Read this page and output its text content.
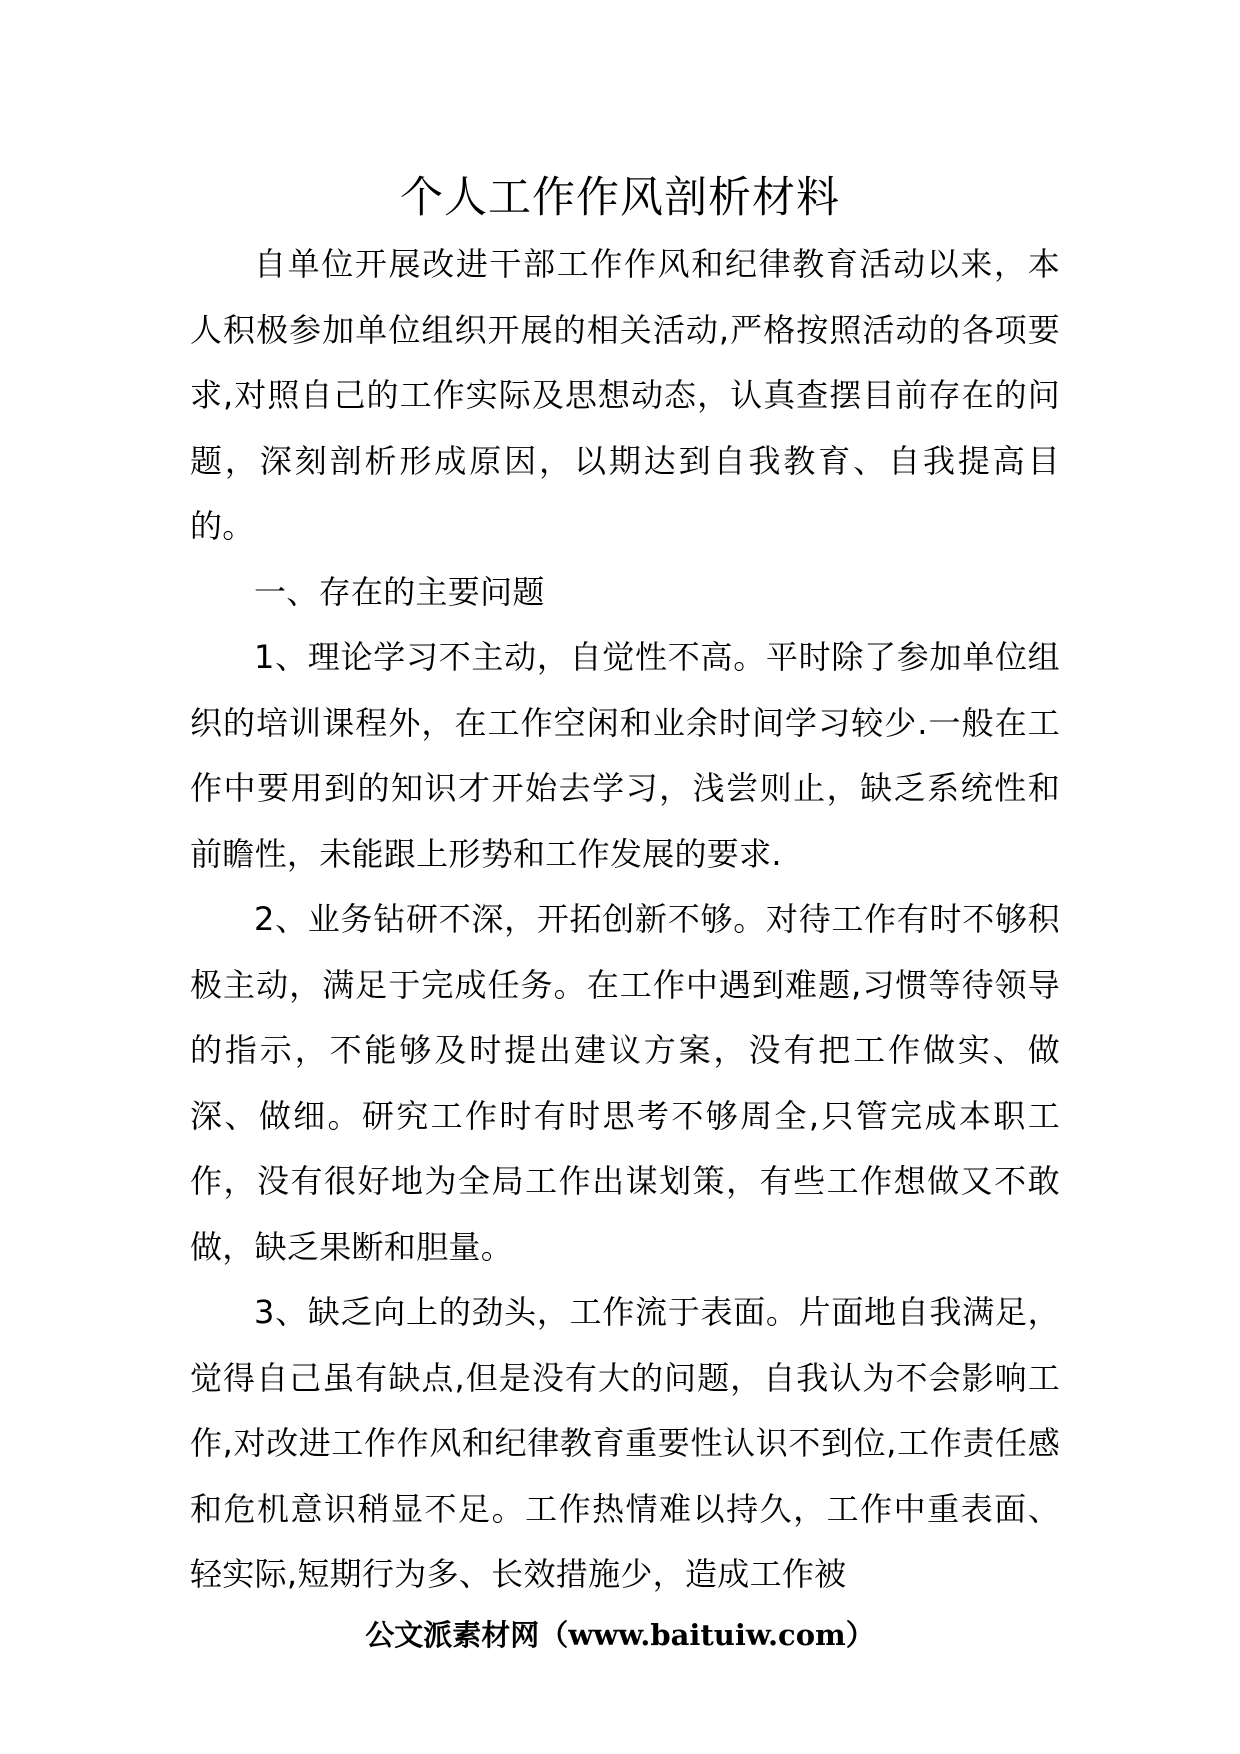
个人工作作风剖析材料

自单位开展改进干部工作作风和纪律教育活动以来，本人积极参加单位组织开展的相关活动,严格按照活动的各项要求,对照自己的工作实际及思想动态，认真查摆目前存在的问题，深刻剖析形成原因，以期达到自我教育、自我提高目的。

一、存在的主要问题

1、理论学习不主动，自觉性不高。平时除了参加单位组织的培训课程外，在工作空闲和业余时间学习较少.一般在工作中要用到的知识才开始去学习，浅尝则止，缺乏系统性和前瞻性，未能跟上形势和工作发展的要求.

2、业务钻研不深，开拓创新不够。对待工作有时不够积极主动，满足于完成任务。在工作中遇到难题,习惯等待领导的指示，不能够及时提出建议方案，没有把工作做实、做深、做细。研究工作时有时思考不够周全,只管完成本职工作，没有很好地为全局工作出谋划策，有些工作想做又不敢做，缺乏果断和胆量。

3、缺乏向上的劲头，工作流于表面。片面地自我满足，觉得自己虽有缺点,但是没有大的问题，自我认为不会影响工作,对改进工作作风和纪律教育重要性认识不到位,工作责任感和危机意识稍显不足。工作热情难以持久，工作中重表面、轻实际,短期行为多、长效措施少，造成工作被

公文派素材网（www.baituiw.com）
